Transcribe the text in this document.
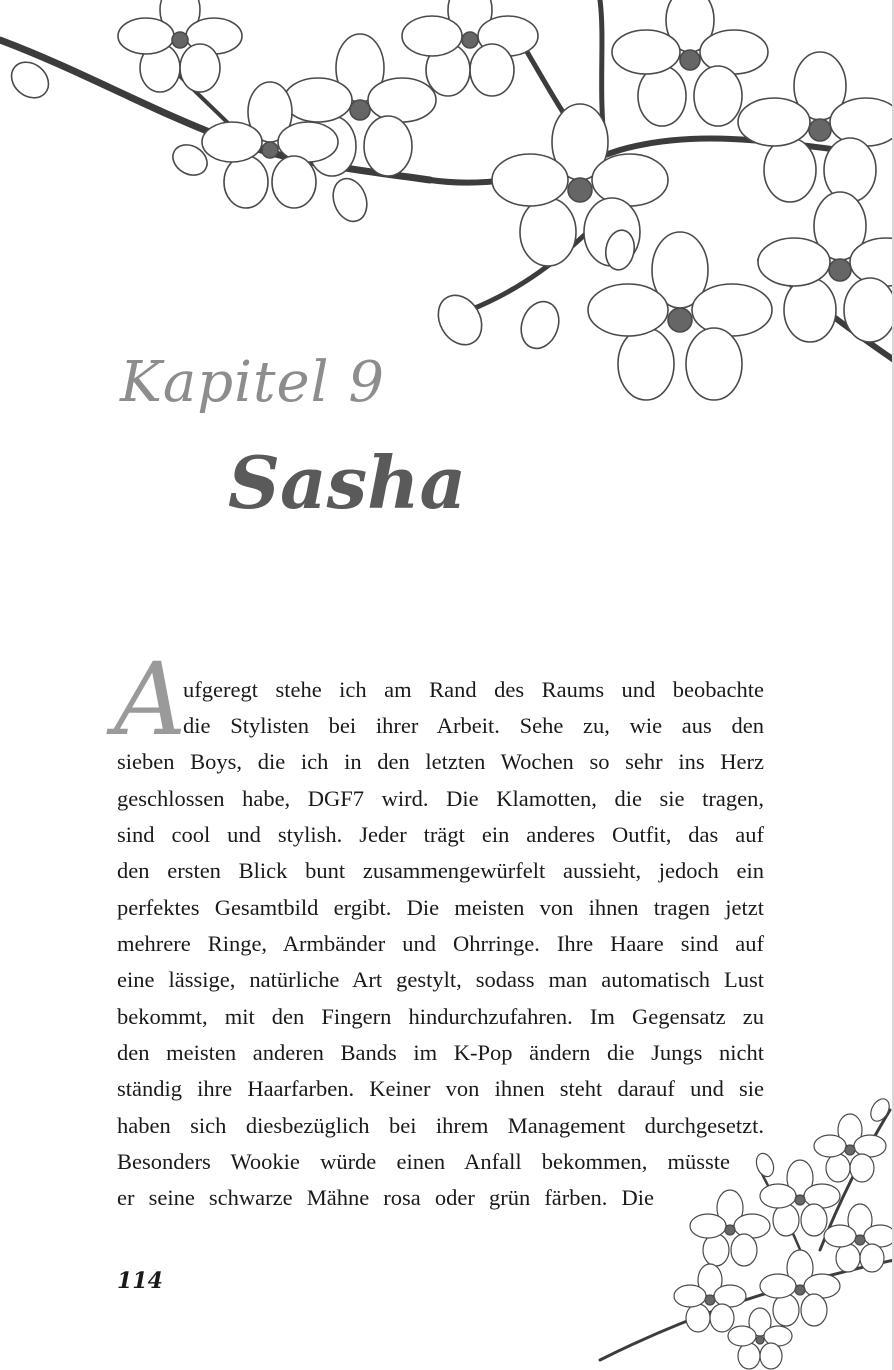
Kapitel 9
Sasha
A
ufgeregt stehe ich am Rand des Raums und beobachte
die Stylisten bei ihrer Arbeit. Sehe zu, wie aus den
sieben Boys, die ich in den letzten Wochen so sehr ins Herz
geschlossen habe, DGF7 wird. Die Klamotten, die sie tragen,
sind cool und stylish. Jeder trägt ein anderes Outfit, das auf
den ersten Blick bunt zusammengewürfelt aussieht, jedoch ein
perfektes Gesamtbild ergibt. Die meisten von ihnen tragen jetzt
mehrere Ringe, Armbänder und Ohrringe. Ihre Haare sind auf
eine lässige, natürliche Art gestylt, sodass man automatisch Lust
bekommt, mit den Fingern hindurchzufahren. Im Gegensatz zu
den meisten anderen Bands im K-Pop ändern die Jungs nicht
ständig ihre Haarfarben. Keiner von ihnen steht darauf und sie
haben sich diesbezüglich bei ihrem Management durchgesetzt.
Besonders Wookie würde einen Anfall bekommen, müsste
er seine schwarze Mähne rosa oder grün färben. Die
114
